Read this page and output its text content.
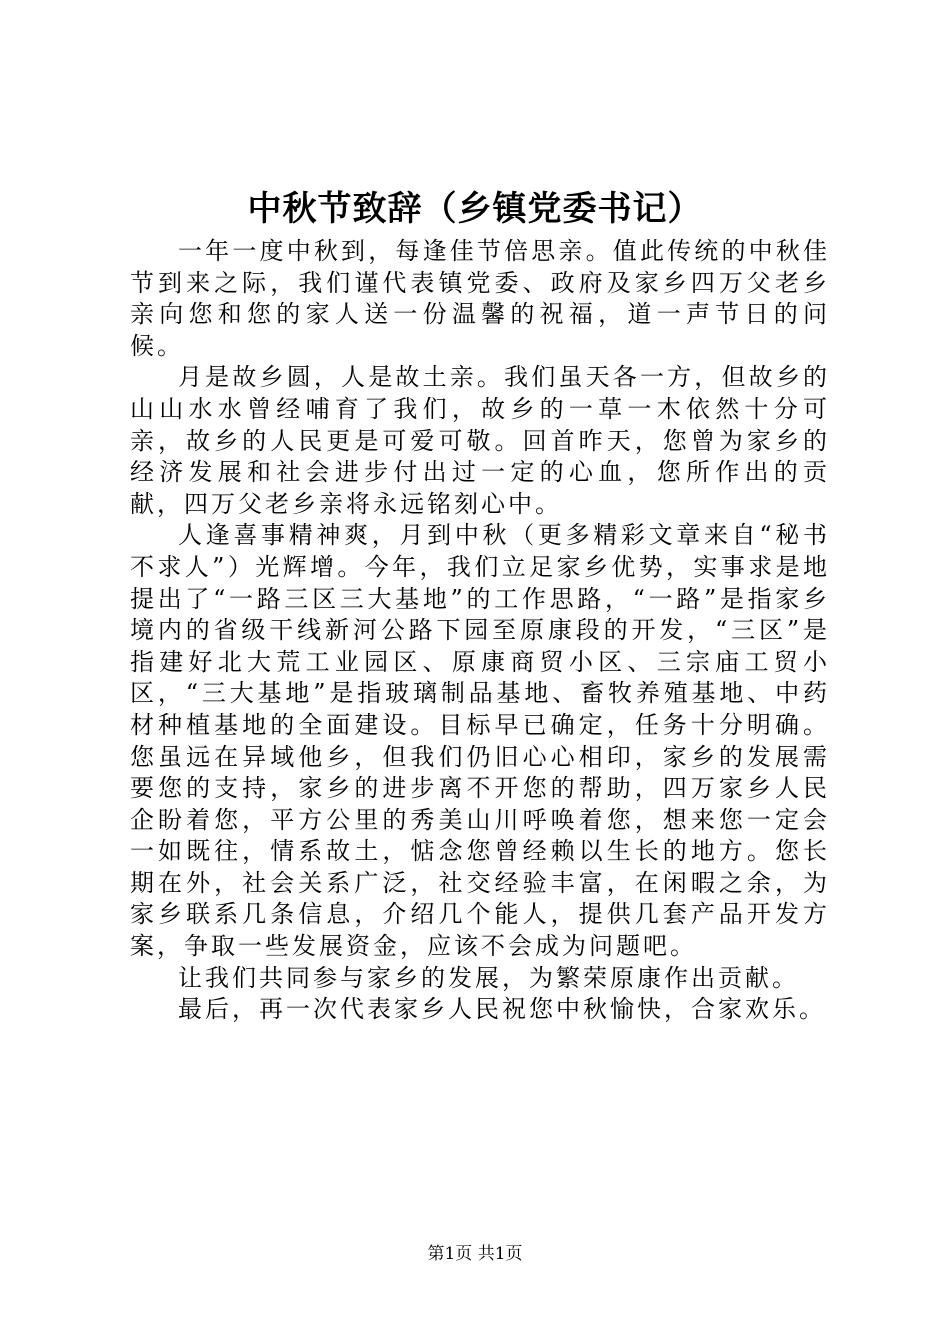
中秋节致辞（乡镇党委书记）

一年一度中秋到，每逢佳节倍思亲。值此传统的中秋佳节到来之际，我们谨代表镇党委、政府及家乡四万父老乡亲向您和您的家人送一份温馨的祝福，道一声节日的问候。

月是故乡圆，人是故土亲。我们虽天各一方，但故乡的山山水水曾经哺育了我们，故乡的一草一木依然十分可亲，故乡的人民更是可爱可敬。回首昨天，您曾为家乡的经济发展和社会进步付出过一定的心血，您所作出的贡献，四万父老乡亲将永远铭刻心中。

人逢喜事精神爽，月到中秋（更多精彩文章来自“秘书不求人”）光辉增。今年，我们立足家乡优势，实事求是地提出了“一路三区三大基地”的工作思路，“一路”是指家乡境内的省级干线新河公路下园至原康段的开发，“三区”是指建好北大荒工业园区、原康商贸小区、三宗庙工贸小区，“三大基地”是指玻璃制品基地、畜牧养殖基地、中药材种植基地的全面建设。目标早已确定，任务十分明确。您虽远在异域他乡，但我们仍旧心心相印，家乡的发展需要您的支持，家乡的进步离不开您的帮助，四万家乡人民企盼着您，平方公里的秀美山川呼唤着您，想来您一定会一如既往，情系故土，惦念您曾经赖以生长的地方。您长期在外，社会关系广泛，社交经验丰富，在闲暇之余，为家乡联系几条信息，介绍几个能人，提供几套产品开发方案，争取一些发展资金，应该不会成为问题吧。

让我们共同参与家乡的发展，为繁荣原康作出贡献。

最后，再一次代表家乡人民祝您中秋愉快，合家欢乐。

第1页 共1页
